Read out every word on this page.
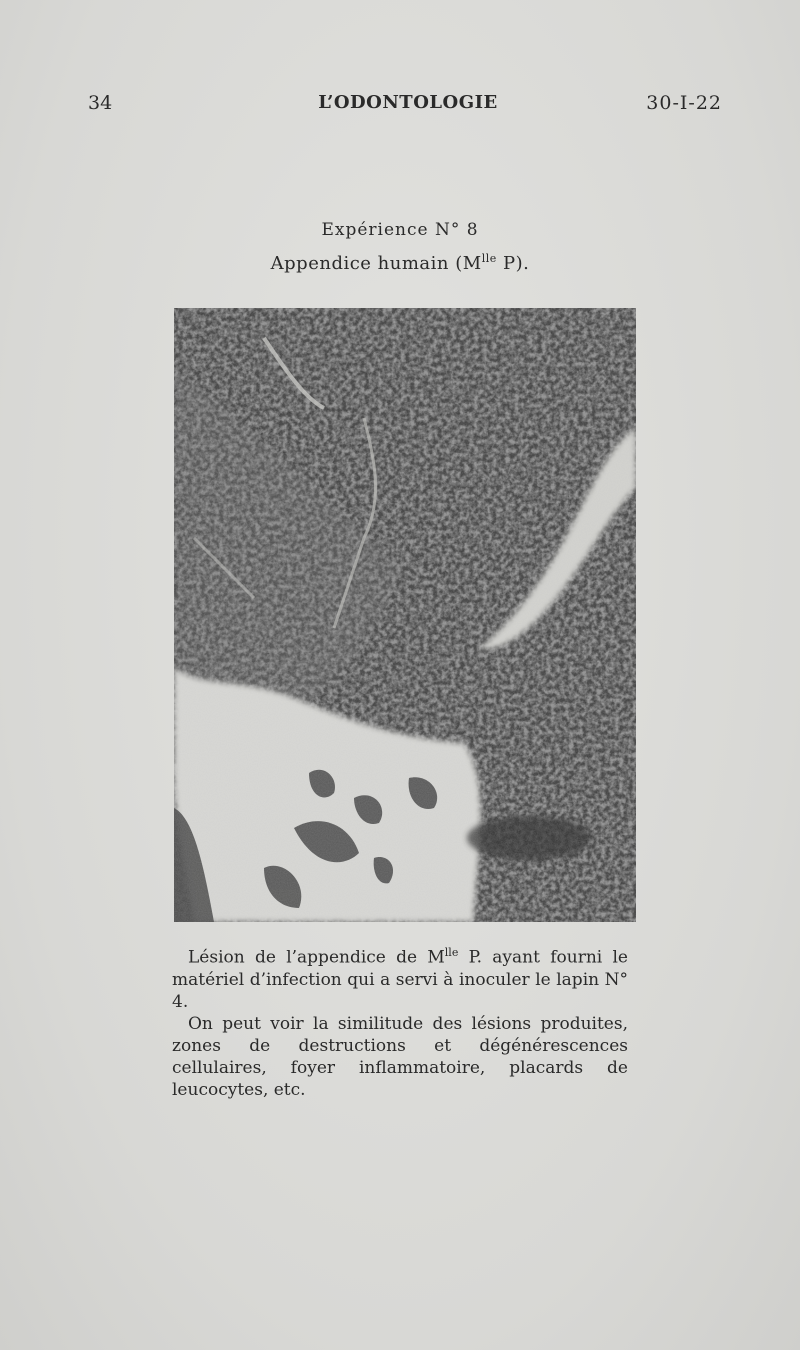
34	L’ODONTOLOGIE	30-I-22
Expérience N° 8
Appendice humain ($M^{lle}$ P).

Lésion de l’appendice de $M^{lle}$ P. ayant fourni le matériel d’infection qui a servi à inoculer le lapin N° 4.

On peut voir la similitude des lésions produites, zones de destructions et dégénérescences cellulaires, foyer inflammatoire, placards de leucocytes, etc.
